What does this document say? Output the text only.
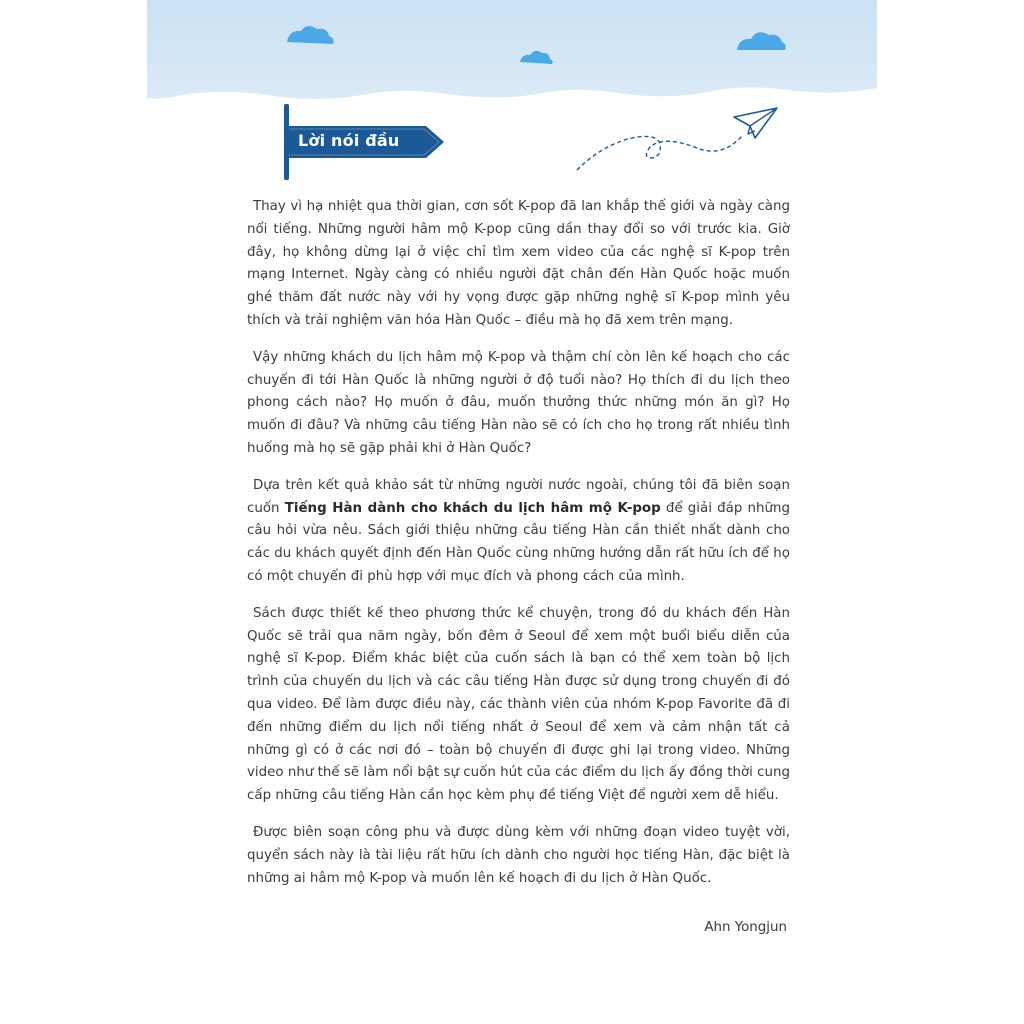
Lời nói đầu

Thay vì hạ nhiệt qua thời gian, cơn sốt K-pop đã lan khắp thế giới và ngày càng nổi tiếng. Những người hâm mộ K-pop cũng dần thay đổi so với trước kia. Giờ đây, họ không dừng lại ở việc chỉ tìm xem video của các nghệ sĩ K-pop trên mạng Internet. Ngày càng có nhiều người đặt chân đến Hàn Quốc hoặc muốn ghé thăm đất nước này với hy vọng được gặp những nghệ sĩ K-pop mình yêu thích và trải nghiệm văn hóa Hàn Quốc – điều mà họ đã xem trên mạng.

Vậy những khách du lịch hâm mộ K-pop và thậm chí còn lên kế hoạch cho các chuyến đi tới Hàn Quốc là những người ở độ tuổi nào? Họ thích đi du lịch theo phong cách nào? Họ muốn ở đâu, muốn thưởng thức những món ăn gì? Họ muốn đi đâu? Và những câu tiếng Hàn nào sẽ có ích cho họ trong rất nhiều tình huống mà họ sẽ gặp phải khi ở Hàn Quốc?

Dựa trên kết quả khảo sát từ những người nước ngoài, chúng tôi đã biên soạn cuốn Tiếng Hàn dành cho khách du lịch hâm mộ K-pop để giải đáp những câu hỏi vừa nêu. Sách giới thiệu những câu tiếng Hàn cần thiết nhất dành cho các du khách quyết định đến Hàn Quốc cùng những hướng dẫn rất hữu ích để họ có một chuyến đi phù hợp với mục đích và phong cách của mình.

Sách được thiết kế theo phương thức kể chuyện, trong đó du khách đến Hàn Quốc sẽ trải qua năm ngày, bốn đêm ở Seoul để xem một buổi biểu diễn của nghệ sĩ K-pop. Điểm khác biệt của cuốn sách là bạn có thể xem toàn bộ lịch trình của chuyến du lịch và các câu tiếng Hàn được sử dụng trong chuyến đi đó qua video. Để làm được điều này, các thành viên của nhóm K-pop Favorite đã đi đến những điểm du lịch nổi tiếng nhất ở Seoul để xem và cảm nhận tất cả những gì có ở các nơi đó – toàn bộ chuyến đi được ghi lại trong video. Những video như thế sẽ làm nổi bật sự cuốn hút của các điểm du lịch ấy đồng thời cung cấp những câu tiếng Hàn cần học kèm phụ đề tiếng Việt để người xem dễ hiểu.

Được biên soạn công phu và được dùng kèm với những đoạn video tuyệt vời, quyển sách này là tài liệu rất hữu ích dành cho người học tiếng Hàn, đặc biệt là những ai hâm mộ K-pop và muốn lên kế hoạch đi du lịch ở Hàn Quốc.

Ahn Yongjun
